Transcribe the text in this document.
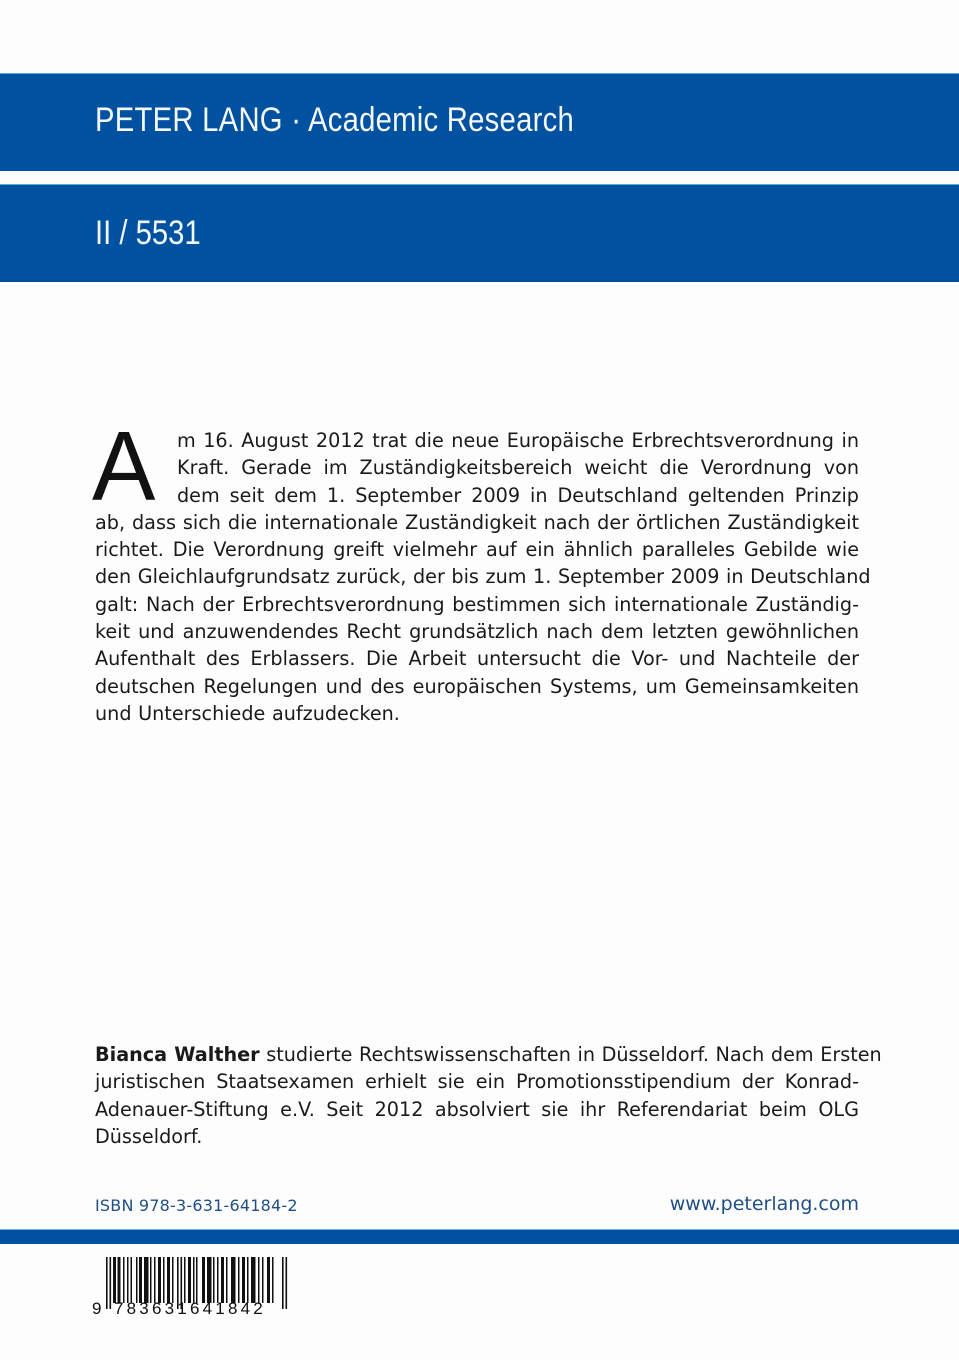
PETER LANG · Academic Research
II / 5531
A m 16. August 2012 trat die neue Europäische Erbrechtsverordnung in
Kraft. Gerade im Zuständigkeitsbereich weicht die Verordnung von
dem seit dem 1. September 2009 in Deutschland geltenden Prinzip
ab, dass sich die internationale Zuständigkeit nach der örtlichen Zuständigkeit
richtet. Die Verordnung greift vielmehr auf ein ähnlich paralleles Gebilde wie
den Gleichlaufgrundsatz zurück, der bis zum 1. September 2009 in Deutschland
galt: Nach der Erbrechtsverordnung bestimmen sich internationale Zuständig-
keit und anzuwendendes Recht grundsätzlich nach dem letzten gewöhnlichen
Aufenthalt des Erblassers. Die Arbeit untersucht die Vor- und Nachteile der
deutschen Regelungen und des europäischen Systems, um Gemeinsamkeiten
und Unterschiede aufzudecken.
Bianca Walther studierte Rechtswissenschaften in Düsseldorf. Nach dem Ersten
juristischen Staatsexamen erhielt sie ein Promotionsstipendium der Konrad-
Adenauer-Stiftung e.V. Seit 2012 absolviert sie ihr Referendariat beim OLG
Düsseldorf.
ISBN 978-3-631-64184-2	www.peterlang.com
9 783631 641842
